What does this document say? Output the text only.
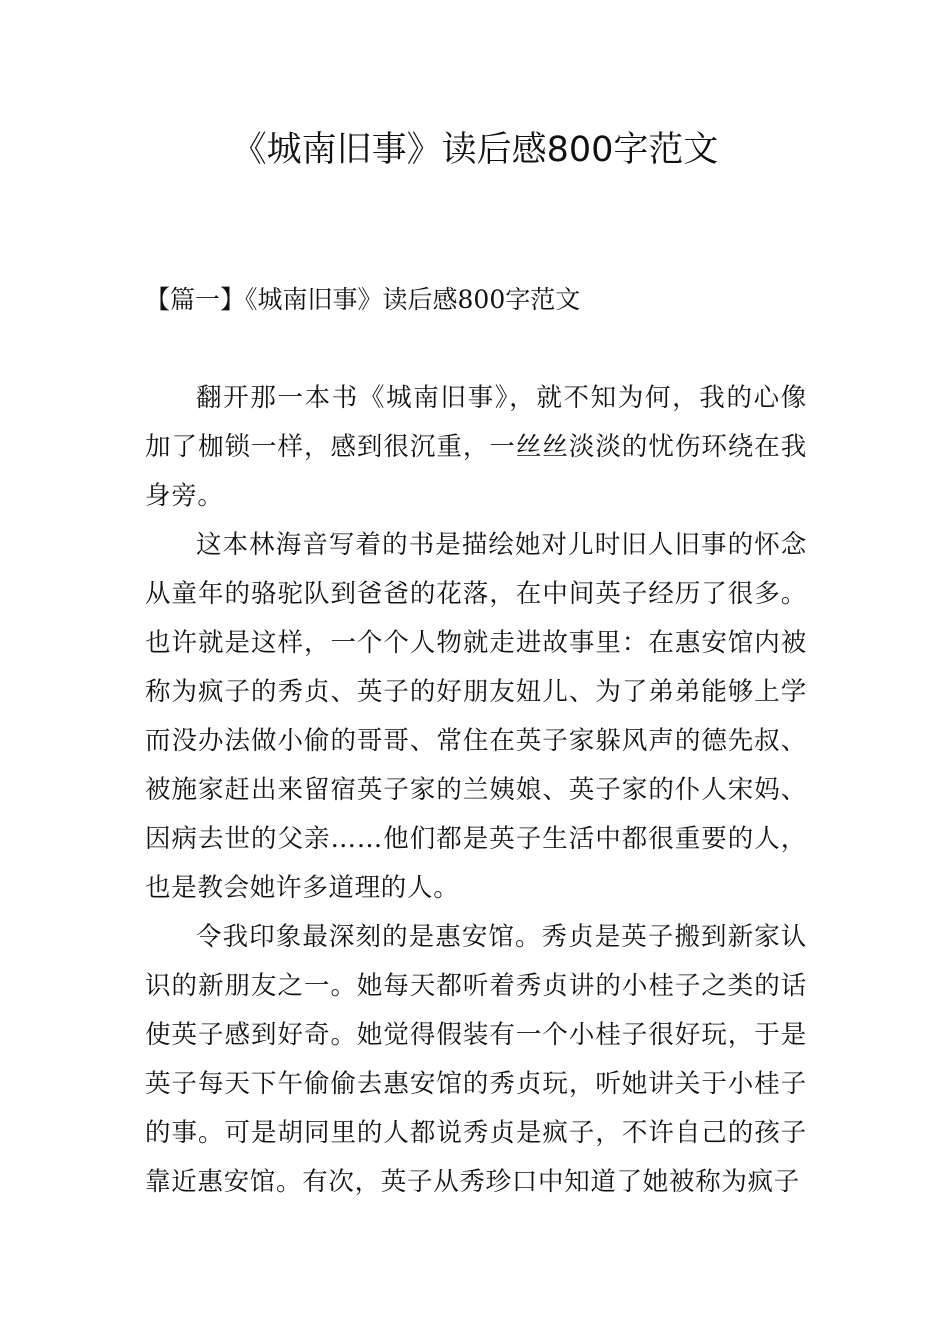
《城南旧事》读后感800字范文
【篇一】《城南旧事》读后感800字范文

翻开那一本书《城南旧事》，就不知为何，我的心像加了枷锁一样，感到很沉重，一丝丝淡淡的忧伤环绕在我身旁。

这本林海音写着的书是描绘她对儿时旧人旧事的怀念从童年的骆驼队到爸爸的花落，在中间英子经历了很多。也许就是这样，一个个人物就走进故事里：在惠安馆内被称为疯子的秀贞、英子的好朋友妞儿、为了弟弟能够上学而没办法做小偷的哥哥、常住在英子家躲风声的德先叔、被施家赶出来留宿英子家的兰姨娘、英子家的仆人宋妈、因病去世的父亲……他们都是英子生活中都很重要的人，也是教会她许多道理的人。

令我印象最深刻的是惠安馆。秀贞是英子搬到新家认识的新朋友之一。她每天都听着秀贞讲的小桂子之类的话使英子感到好奇。她觉得假装有一个小桂子很好玩，于是英子每天下午偷偷去惠安馆的秀贞玩，听她讲关于小桂子的事。可是胡同里的人都说秀贞是疯子，不许自己的孩子靠近惠安馆。有次，英子从秀珍口中知道了她被称为疯子
